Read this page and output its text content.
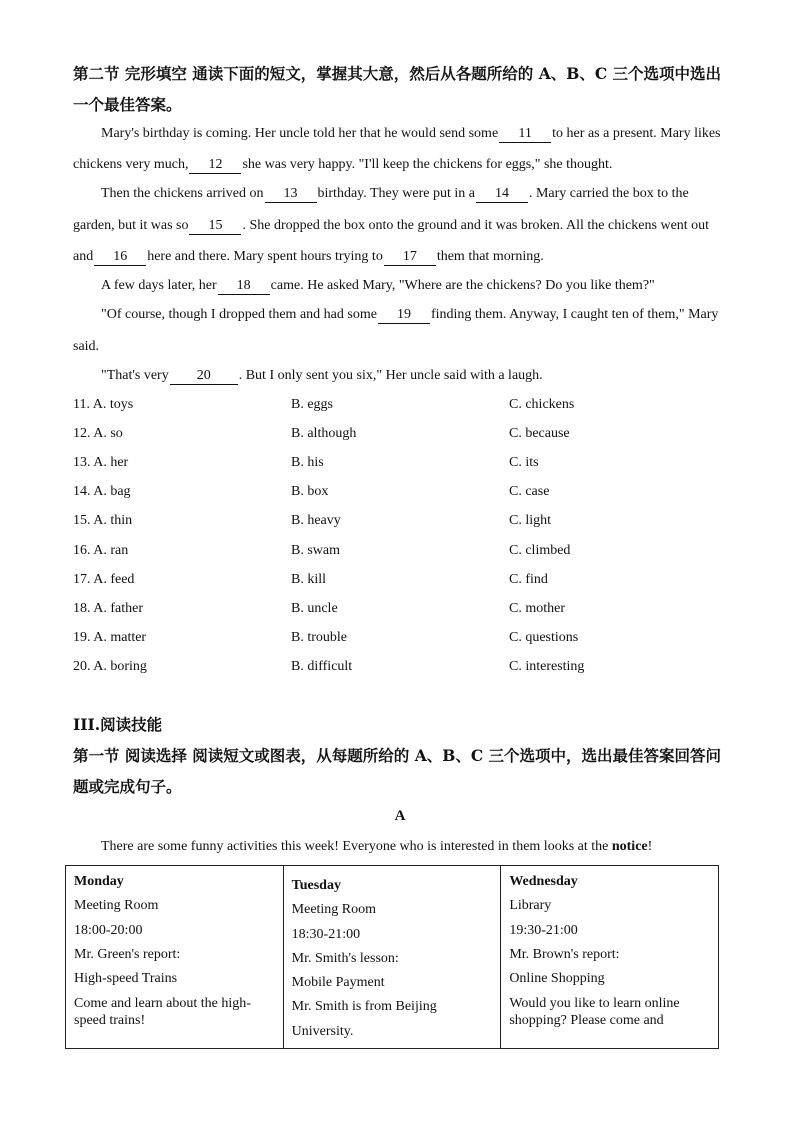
第二节 完形填空 通读下面的短文，掌握其大意，然后从各题所给的 A、B、C 三个选项中选出一个最佳答案。
Mary's birthday is coming. Her uncle told her that he would send some 11 to her as a present. Mary likes
chickens very much, 12 she was very happy. "I'll keep the chickens for eggs," she thought.
Then the chickens arrived on 13 birthday. They were put in a 14 . Mary carried the box to the
garden, but it was so 15 . She dropped the box onto the ground and it was broken. All the chickens went out
and 16 here and there. Mary spent hours trying to 17 them that morning.
A few days later, her 18 came. He asked Mary, "Where are the chickens? Do you like them?"
"Of course, though I dropped them and had some 19 finding them. Anyway, I caught ten of them," Mary
said.
"That's very 20 . But I only sent you six," Her uncle said with a laugh.
11. A. toys	B. eggs	C. chickens
12. A. so	B. although	C. because
13. A. her	B. his	C. its
14. A. bag	B. box	C. case
15. A. thin	B. heavy	C. light
16. A. ran	B. swam	C. climbed
17. A. feed	B. kill	C. find
18. A. father	B. uncle	C. mother
19. A. matter	B. trouble	C. questions
20. A. boring	B. difficult	C. interesting
III.阅读技能
第一节 阅读选择 阅读短文或图表，从每题所给的 A、B、C 三个选项中，选出最佳答案回答问题或完成句子。
A
There are some funny activities this week! Everyone who is interested in them looks at the notice!
Monday
Meeting Room
18:00-20:00
Mr. Green's report:
High-speed Trains
Come and learn about the high-speed trains!

Tuesday
Meeting Room
18:30-21:00
Mr. Smith's lesson:
Mobile Payment
Mr. Smith is from Beijing University.

Wednesday
Library
19:30-21:00
Mr. Brown's report:
Online Shopping
Would you like to learn online shopping? Please come and
